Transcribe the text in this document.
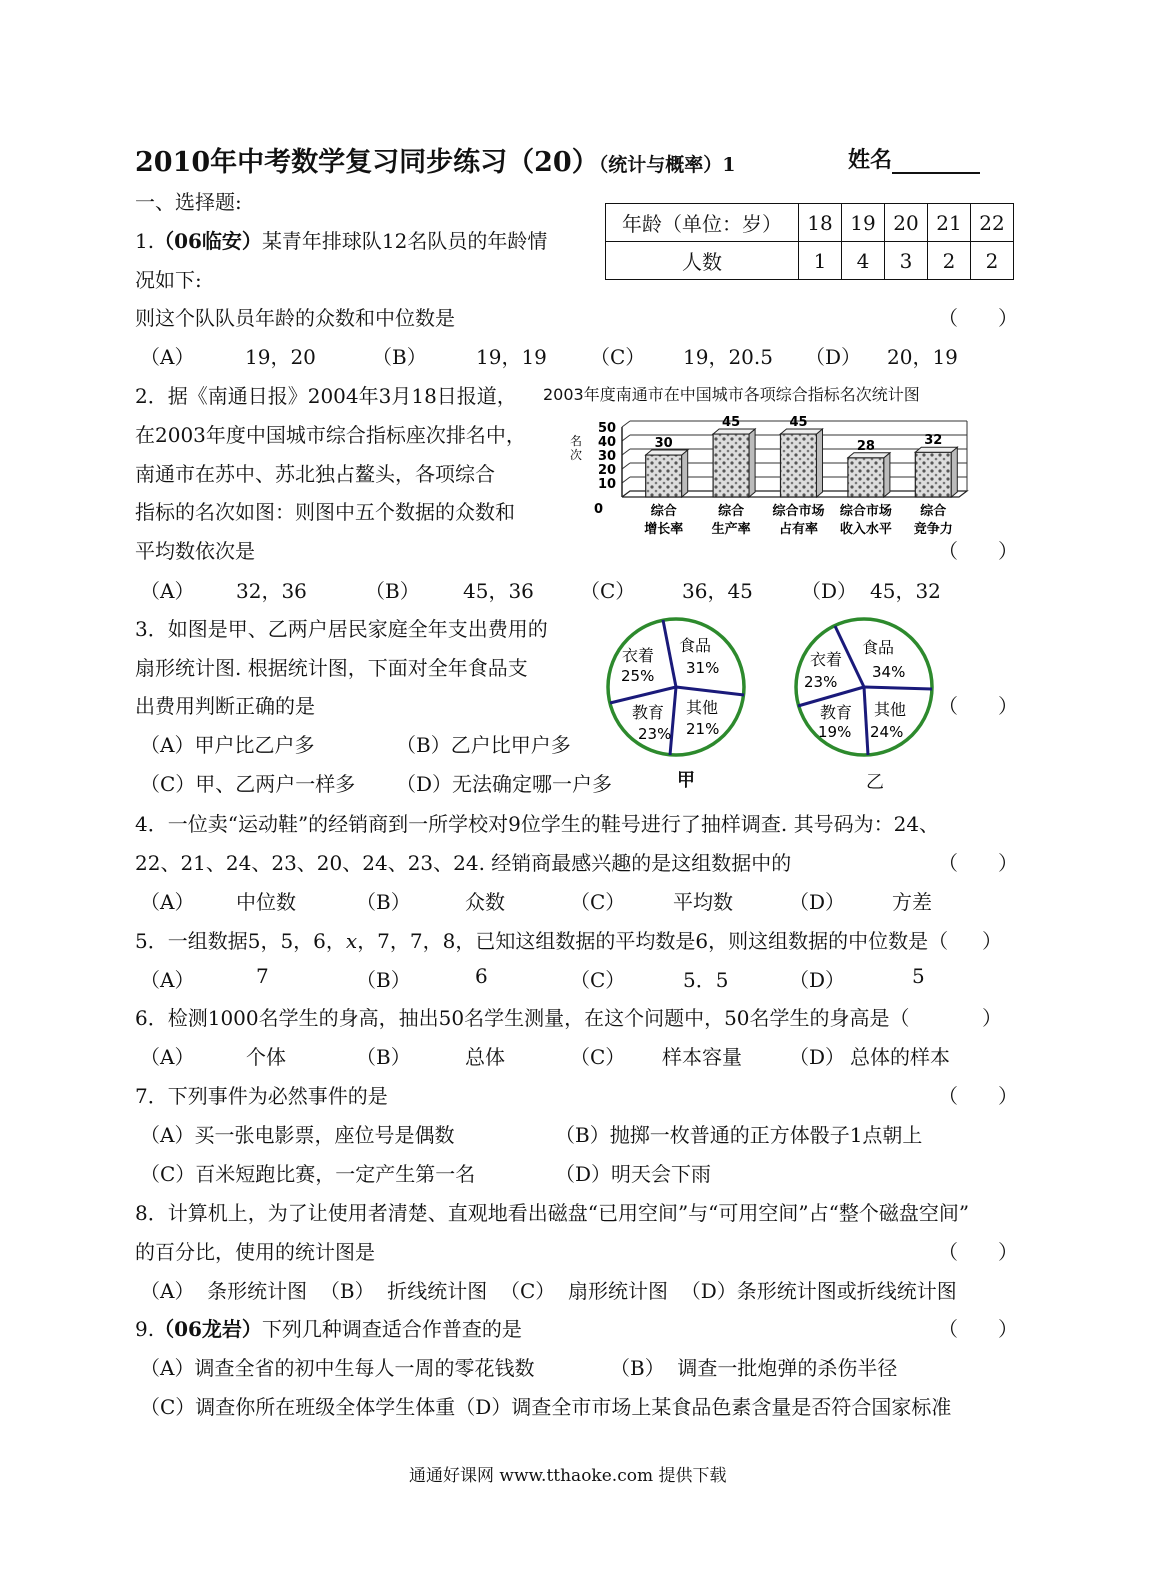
2010年中考数学复习同步练习（20）（统计与概率）1	姓名
一、选择题:
1.（06临安）某青年排球队12名队员的年龄情
况如下:
则这个队队员年龄的众数和中位数是	（　　）
年龄（单位：岁）	18	19	20	21	22
人数	1	4	3	2	2
（A）	19，20	（B） 19，19 （C） 19，20.5 （D） 20，19
2．据《南通日报》2004年3月18日报道， 2003年度南通市在中国城市各项综合指标名次统计图
在2003年度中国城市综合指标座次排名中，
南通市在苏中、苏北独占鳌头，各项综合
指标的名次如图：则图中五个数据的众数和
平均数依次是	（　　）
50
40
30
20
10
0
名次
30
45	45
28	32
综合
增长率
综合
生产率
综合市场
占有率
综合市场
收入水平
综合
竞争力
（A） 32，36	（B） 45，36 （C） 36，45 （D） 45，32
3．如图是甲、乙两户居民家庭全年支出费用的
扇形统计图. 根据统计图，下面对全年食品支
出费用判断正确的是	（　　）
（A）甲户比乙户多	（B）乙户比甲户多
（C）甲、乙两户一样多 （D）无法确定哪一户多
衣着
25%
食品
31%
其他
21%
教育
23%
甲
衣着
23%
食品
34%
其他
24%
教育
19%
乙
4．一位卖“运动鞋”的经销商到一所学校对9位学生的鞋号进行了抽样调查. 其号码为：24、
22、21、24、23、20、24、23、24. 经销商最感兴趣的是这组数据中的	（　　）
（A） 中位数	（B）	众数	（C） 平均数	（D） 方差
5．一组数据5，5，6，x，7，7，8，已知这组数据的平均数是6，则这组数据的中位数是（ ）
（A）	7	（B）	6	（C）	5．5	（D）	5
6．检测1000名学生的身高，抽出50名学生测量，在这个问题中，50名学生的身高是（	）
（A）	个体	（B）	总体	（C） 样本容量 （D） 总体的样本
7．下列事件为必然事件的是	（　　）
（A）买一张电影票，座位号是偶数	（B）抛掷一枚普通的正方体骰子1点朝上
（C）百米短跑比赛，一定产生第一名	（D）明天会下雨
8．计算机上，为了让使用者清楚、直观地看出磁盘“已用空间”与“可用空间”占“整个磁盘空间”
的百分比，使用的统计图是	（　　）
（A）  条形统计图  （B）  折线统计图  （C）  扇形统计图  （D）条形统计图或折线统计图
9.（06龙岩）下列几种调查适合作普查的是	（　　）
（A）调查全省的初中生每人一周的零花钱数	（B）  调查一批炮弹的杀伤半径
（C）调查你所在班级全体学生体重（D）调查全市市场上某食品色素含量是否符合国家标准
通通好课网 www.tthaoke.com 提供下载
